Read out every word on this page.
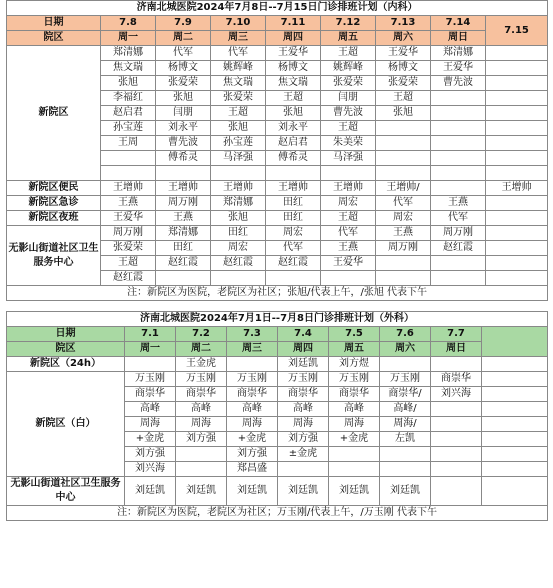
济南北城医院2024年7月8日--7月15日门诊排班计划（内科）								
日期	7.8	7.9	7.10	7.11	7.12	7.13	7.14	7.15
院区	周一	周二	周三	周四	周五	周六	周日	
新院区	郑清娜	代军	代军	王爱华	王超	王爱华	郑清娜	
	焦文瑞	杨博文	姚辉峰	杨博文	姚辉峰	杨博文	王爱华	
	张旭	张爱荣	焦文瑞	焦文瑞	张爱荣	张爱荣	曹先波	
	李福红	张旭	张爱荣	王超	闫朋	王超		
	赵启君	闫朋	王超	张旭	曹先波	张旭		
	孙宝莲	刘永平	张旭	刘永平	王超			
	王周	曹先波	孙宝莲	赵启君	朱美荣			
		傅希灵	马泽强	傅希灵	马泽强			

新院区便民	王增帅	王增帅	王增帅	王增帅	王增帅	王增帅/		王增帅
新院区急诊	王燕	周万刚	郑清娜	田红	周宏	代军	王燕	
新院区夜班	王爱华	王燕	张旭	田红	王超	周宏	代军	
无影山街道社区卫生服务中心	周万刚	郑清娜	田红	周宏	代军	王燕	周万刚	
	张爱荣	田红	周宏	代军	王燕	周万刚	赵红霞	
	王超	赵红霞	赵红霞	赵红霞	王爱华			
	赵红霞							
注：新院区为医院，老院区为社区；张旭/代表上午，/张旭 代表下午								
济南北城医院2024年7月1日--7月8日门诊排班计划（外科）								
日期	7.1	7.2	7.3	7.4	7.5	7.6	7.7	
院区	周一	周二	周三	周四	周五	周六	周日	
新院区（24h）		王金虎		刘廷凯	刘方煜			
新院区（白）	万玉刚	万玉刚	万玉刚	万玉刚	万玉刚	万玉刚	商崇华	
	商崇华	商崇华	商崇华	商崇华	商崇华	商崇华/	刘兴海	
	高峰	高峰	高峰	高峰	高峰	高峰/		
	周海	周海	周海	周海	周海	周海/		
	+金虎	刘方强	+金虎	刘方强	+金虎	左凯		
	刘方强		刘方强	±金虎				
	刘兴海		郑昌盛					
无影山街道社区卫生服务中心	刘廷凯	刘廷凯	刘廷凯	刘廷凯	刘廷凯	刘廷凯		
注：新院区为医院，老院区为社区；万玉刚/代表上午，/万玉刚 代表下午								
